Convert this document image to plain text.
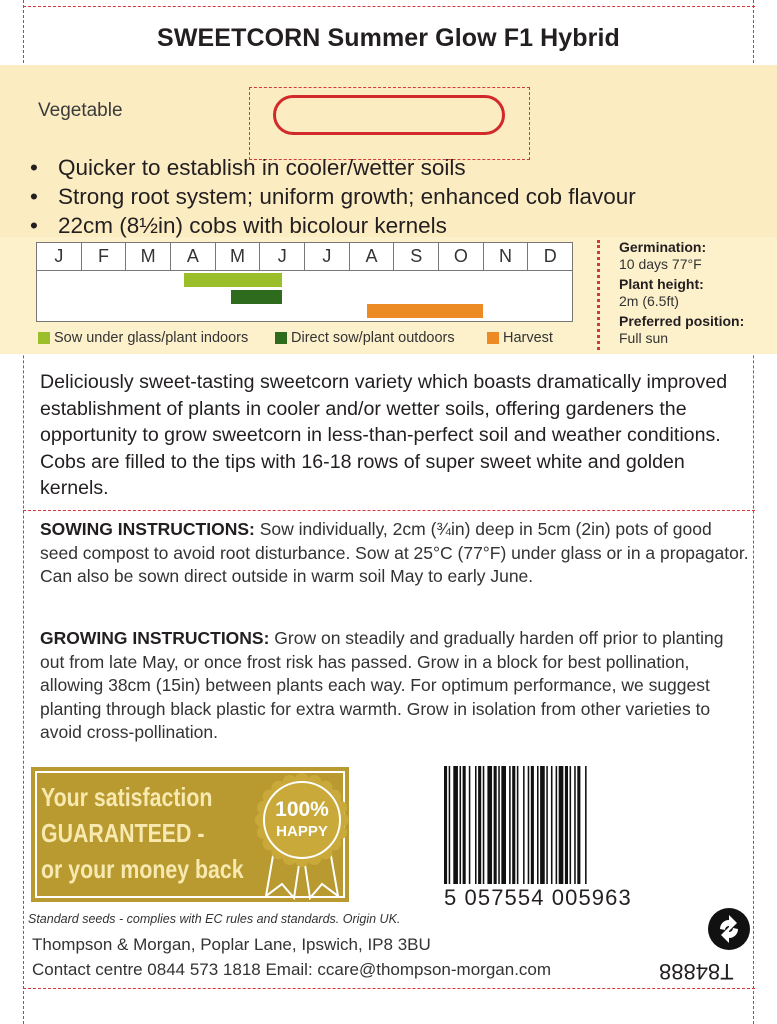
SWEETCORN Summer Glow F1 Hybrid
Vegetable
• Quicker to establish in cooler/wetter soils
• Strong root system; uniform growth; enhanced cob flavour
• 22cm (8½in) cobs with bicolour kernels
J	F	M	A	M	J	J	A	S	O	N	D
Sow under glass/plant indoors	Direct sow/plant outdoors	Harvest
Germination:
10 days 77°F
Plant height:
2m (6.5ft)
Preferred position:
Full sun
Deliciously sweet-tasting sweetcorn variety which boasts dramatically improved establishment of plants in cooler and/or wetter soils, offering gardeners the opportunity to grow sweetcorn in less-than-perfect soil and weather conditions. Cobs are filled to the tips with 16-18 rows of super sweet white and golden kernels.
SOWING INSTRUCTIONS: Sow individually, 2cm (¾in) deep in 5cm (2in) pots of good seed compost to avoid root disturbance. Sow at 25°C (77°F) under glass or in a propagator. Can also be sown direct outside in warm soil May to early June.
GROWING INSTRUCTIONS: Grow on steadily and gradually harden off prior to planting out from late May, or once frost risk has passed. Grow in a block for best pollination, allowing 38cm (15in) between plants each way. For optimum performance, we suggest planting through black plastic for extra warmth. Grow in isolation from other varieties to avoid cross-pollination.
Your satisfaction
GUARANTEED -
or your money back
100%
HAPPY
5 057554 005963
Standard seeds - complies with EC rules and standards. Origin UK.
Thompson & Morgan, Poplar Lane, Ipswich, IP8 3BU
Contact centre 0844 573 1818 Email: ccare@thompson-morgan.com	T84888
